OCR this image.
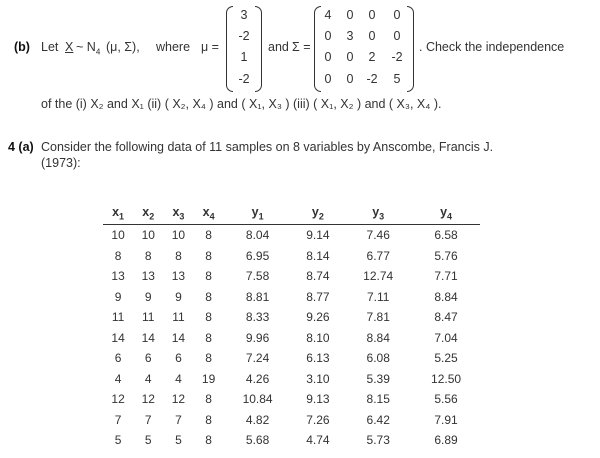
(b) Let X ~ $N_4$ (μ, Σ), where μ =
3
-2
1
-2
and Σ =
4	0	0	0
0	3	0	0
0	0	2	-2
0	0	-2	5
. Check the independence
of the (i) X₂ and X₁ (ii) ( X₂, X₄ ) and ( X₁, X₃ ) (iii) ( X₁, X₂ ) and ( X₃, X₄ ).
4 (a) Consider the following data of 11 samples on 8 variables by Anscombe, Francis J.
(1973):
$x_1$	$x_2$	$x_3$	$x_4$	$y_1$	$y_2$	$y_3$	$y_4$
10	10	10	8	8.04	9.14	7.46	6.58
8	8	8	8	6.95	8.14	6.77	5.76
13	13	13	8	7.58	8.74	12.74	7.71
9	9	9	8	8.81	8.77	7.11	8.84
11	11	11	8	8.33	9.26	7.81	8.47
14	14	14	8	9.96	8.10	8.84	7.04
6	6	6	8	7.24	6.13	6.08	5.25
4	4	4	19	4.26	3.10	5.39	12.50
12	12	12	8	10.84	9.13	8.15	5.56
7	7	7	8	4.82	7.26	6.42	7.91
5	5	5	8	5.68	4.74	5.73	6.89
